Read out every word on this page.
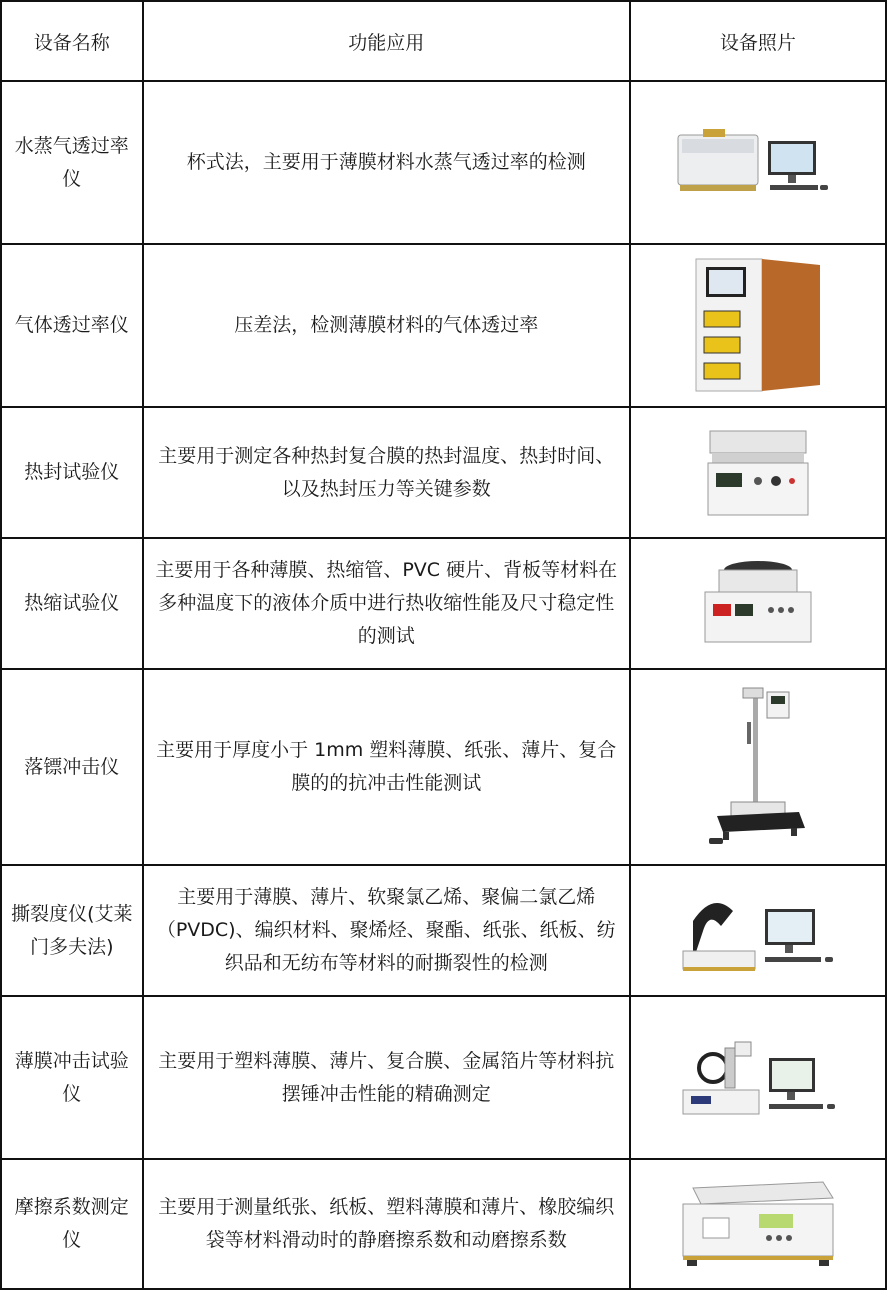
设备名称	功能应用	设备照片
水蒸气透过率仪	杯式法，主要用于薄膜材料水蒸气透过率的检测	

气体透过率仪	压差法，检测薄膜材料的气体透过率	

热封试验仪	主要用于测定各种热封复合膜的热封温度、热封时间、以及热封压力等关键参数	

热缩试验仪	主要用于各种薄膜、热缩管、PVC 硬片、背板等材料在多种温度下的液体介质中进行热收缩性能及尺寸稳定性的测试	

落镖冲击仪	主要用于厚度小于 1mm 塑料薄膜、纸张、薄片、复合膜的的抗冲击性能测试	

撕裂度仪(艾莱门多夫法)	主要用于薄膜、薄片、软聚氯乙烯、聚偏二氯乙烯（PVDC)、编织材料、聚烯烃、聚酯、纸张、纸板、纺织品和无纺布等材料的耐撕裂性的检测	

薄膜冲击试验仪	主要用于塑料薄膜、薄片、复合膜、金属箔片等材料抗摆锤冲击性能的精确测定	

摩擦系数测定仪	主要用于测量纸张、纸板、塑料薄膜和薄片、橡胶编织袋等材料滑动时的静磨擦系数和动磨擦系数	
